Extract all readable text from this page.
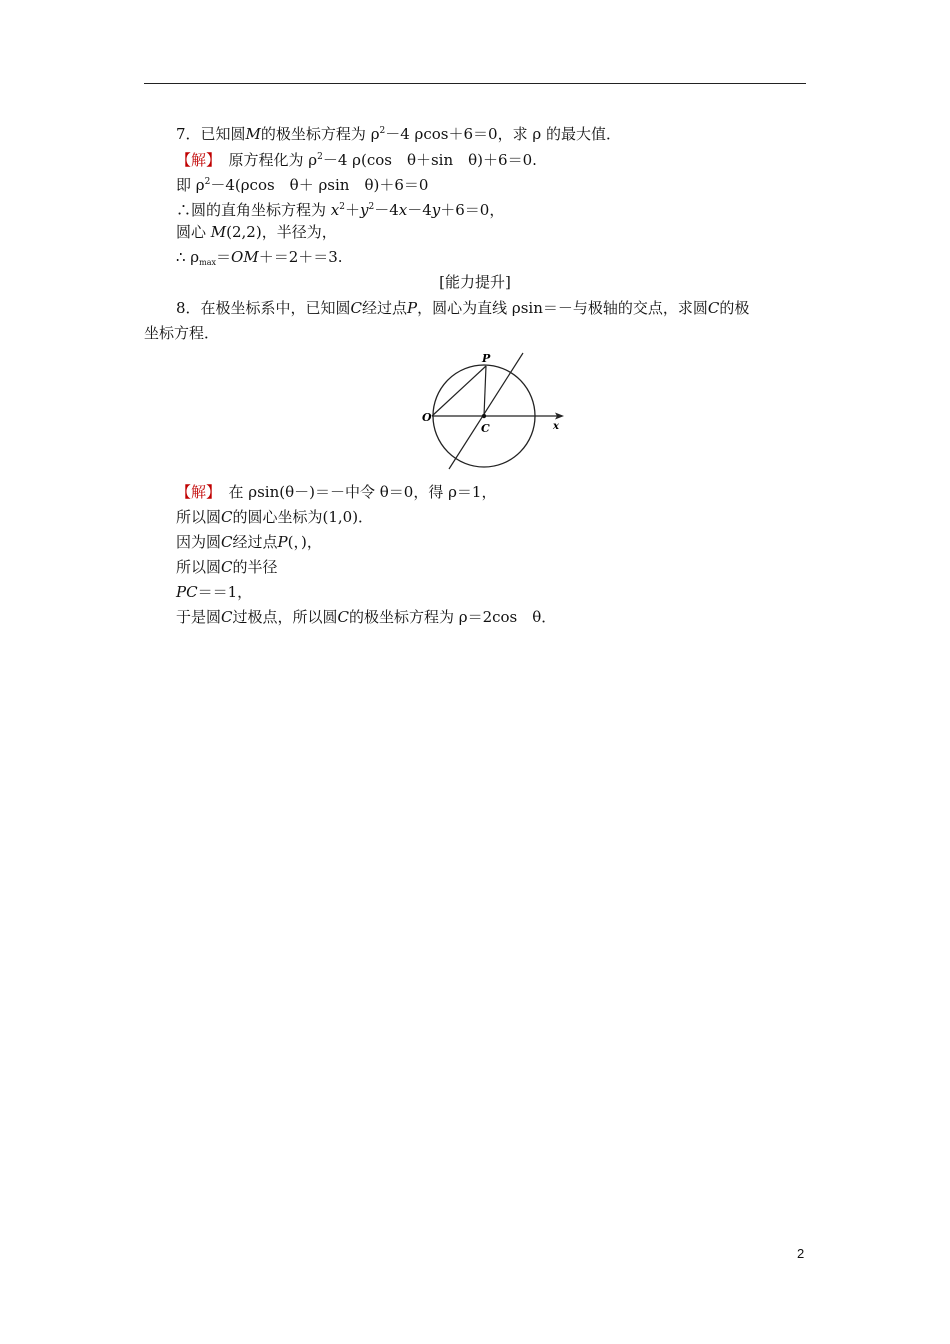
7．已知圆M的极坐标方程为 $\rho^2-4$ ρcos＋6＝0，求 ρ 的最大值．
【解】　原方程化为 $\rho^2-4$ ρ(cos　θ＋sin　θ)＋6＝0.
即 $\rho^2-4(\rho\cos$　θ＋ ρsin　θ)＋6＝0
∴圆的直角坐标方程为 $x^2+y^2-4x-4y+6=0$，
圆心 M(2,2)，半径为，
∴ $\rho_{max}=OM+=2+=3$.
[能力提升]
8．在极坐标系中，已知圆C经过点P，圆心为直线 ρsin＝－与极轴的交点，求圆C的极
坐标方程．
P
O
C	x
【解】　在 ρsin(θ－)＝－中令 θ＝0，得 ρ＝1，
所以圆C的圆心坐标为(1,0)．
因为圆C经过点P(，)，
所以圆C的半径
PC＝＝1，
于是圆C过极点，所以圆C的极坐标方程为 ρ＝2cos　θ．
2
